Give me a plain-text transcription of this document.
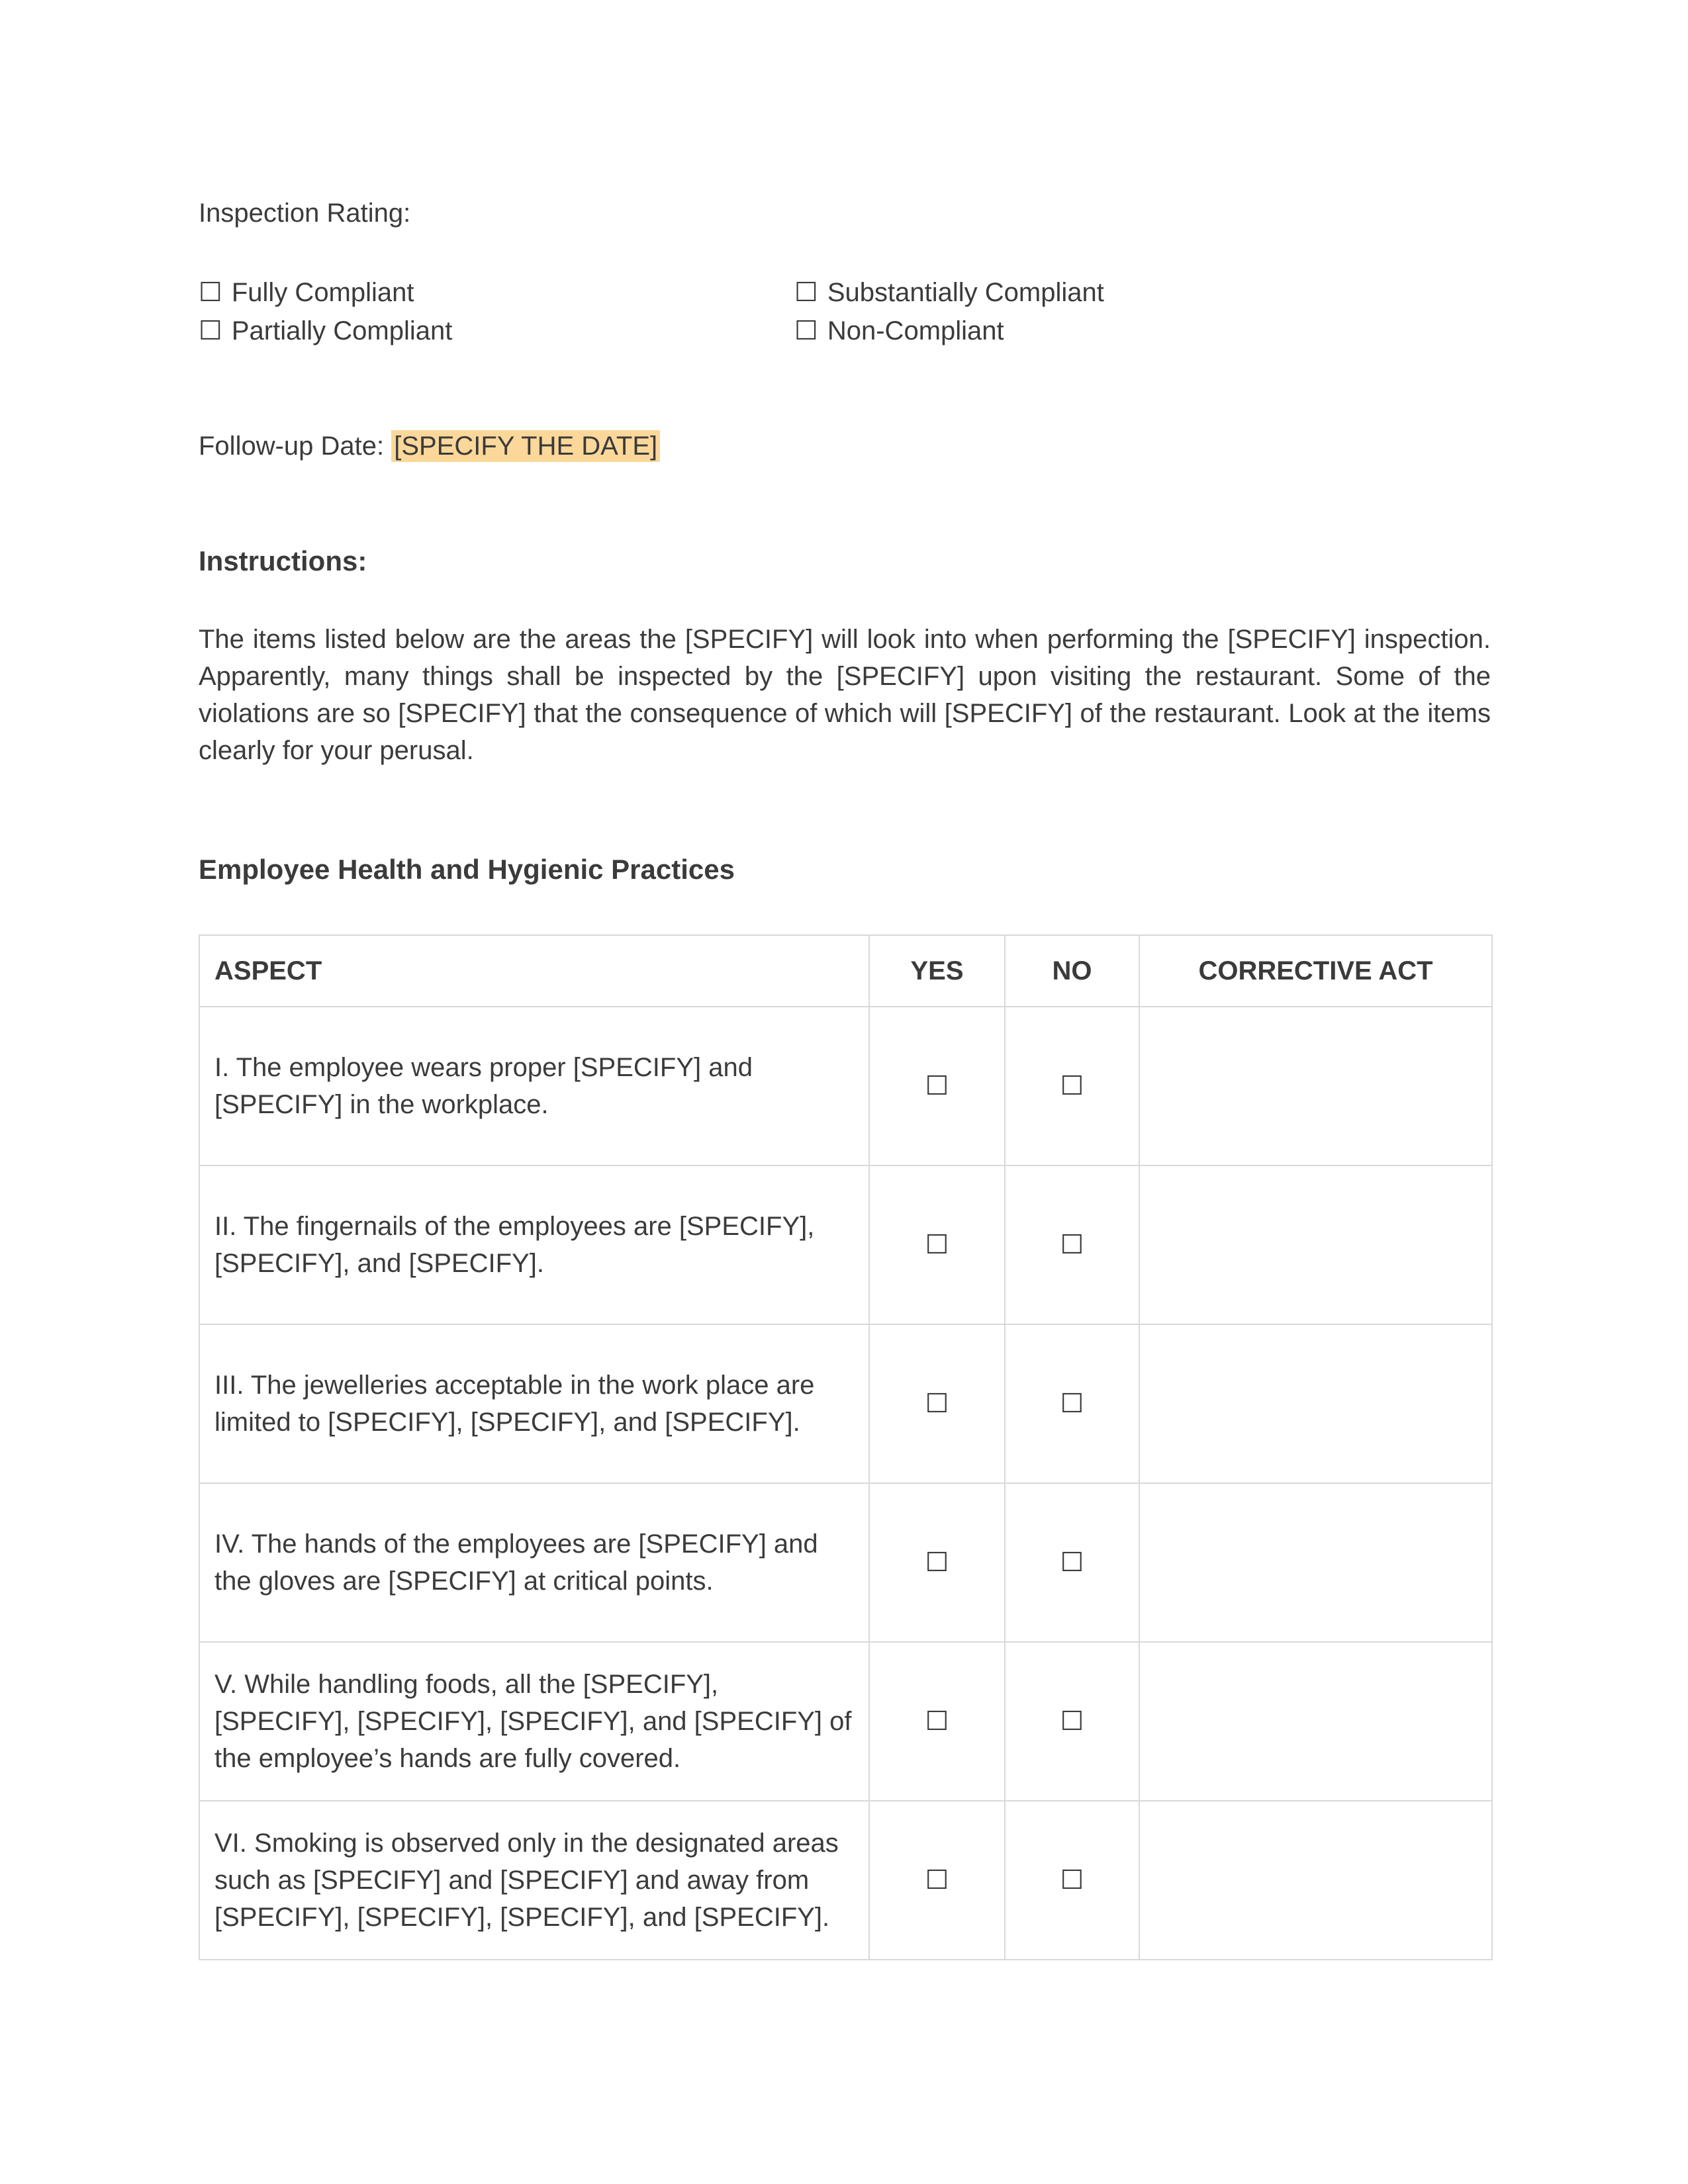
Inspection Rating:
☐ Fully Compliant	☐ Substantially Compliant
☐ Partially Compliant	☐ Non-Compliant
Follow-up Date: [SPECIFY THE DATE]
Instructions:
The items listed below are the areas the [SPECIFY] will look into when performing the [SPECIFY] inspection. Apparently, many things shall be inspected by the [SPECIFY] upon visiting the restaurant. Some of the violations are so [SPECIFY] that the consequence of which will [SPECIFY] of the restaurant. Look at the items clearly for your perusal.
Employee Health and Hygienic Practices
ASPECT	YES	NO	CORRECTIVE ACT
I. The employee wears proper [SPECIFY] and [SPECIFY] in the workplace.	☐	☐	
II. The fingernails of the employees are [SPECIFY], [SPECIFY], and [SPECIFY].	☐	☐	
III. The jewelleries acceptable in the work place are limited to [SPECIFY], [SPECIFY], and [SPECIFY].	☐	☐	
IV. The hands of the employees are [SPECIFY] and the gloves are [SPECIFY] at critical points.	☐	☐	
V. While handling foods, all the [SPECIFY], [SPECIFY], [SPECIFY], [SPECIFY], and [SPECIFY] of the employee’s hands are fully covered.	☐	☐	
VI. Smoking is observed only in the designated areas such as [SPECIFY] and [SPECIFY] and away from [SPECIFY], [SPECIFY], [SPECIFY], and [SPECIFY].	☐	☐	
